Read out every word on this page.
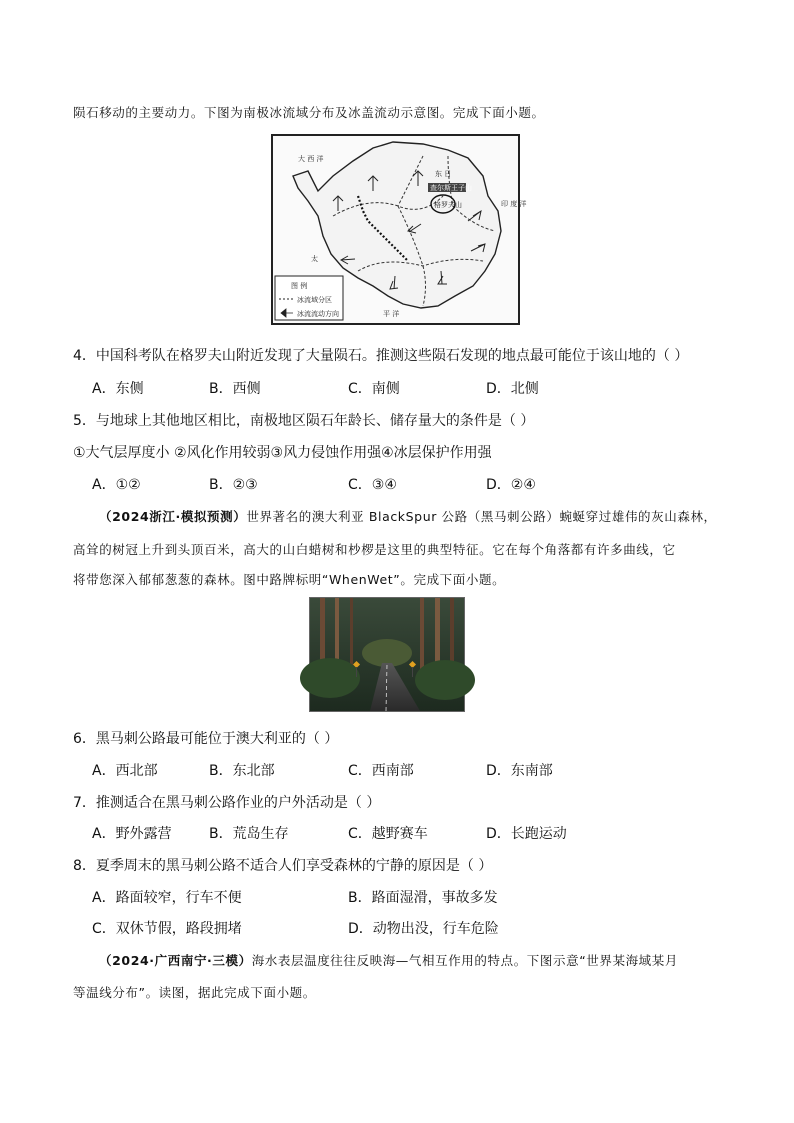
陨石移动的主要动力。下图为南极冰流域分布及冰盖流动示意图。完成下面小题。
大 西 洋
太
平 洋
印 度 洋
查尔斯王子山
东 日
格罗夫山
图 例
冰流域分区
冰流流动方向
4．中国科考队在格罗夫山附近发现了大量陨石。推测这些陨石发现的地点最可能位于该山地的（ ）
A．东侧	B．西侧	C．南侧	D．北侧
5．与地球上其他地区相比，南极地区陨石年龄长、储存量大的条件是（ ）
①大气层厚度小 ②风化作用较弱③风力侵蚀作用强④冰层保护作用强
A．①②	B．②③	C．③④	D．②④
（2024浙江·模拟预测）世界著名的澳大利亚 BlackSpur 公路（黑马刺公路）蜿蜒穿过雄伟的灰山森林，
高耸的树冠上升到头顶百米，高大的山白蜡树和杪椤是这里的典型特征。它在每个角落都有许多曲线，它
将带您深入郁郁葱葱的森林。图中路牌标明“WhenWet”。完成下面小题。
6．黑马刺公路最可能位于澳大利亚的（ ）
A．西北部	B．东北部	C．西南部	D．东南部
7．推测适合在黑马刺公路作业的户外活动是（ ）
A．野外露营	B．荒岛生存	C．越野赛车	D．长跑运动
8．夏季周末的黑马刺公路不适合人们享受森林的宁静的原因是（ ）
A．路面较窄，行车不便	B．路面湿滑，事故多发
C．双休节假，路段拥堵	D．动物出没，行车危险
（2024·广西南宁·三模）海水表层温度往往反映海—气相互作用的特点。下图示意“世界某海域某月
等温线分布”。读图，据此完成下面小题。
